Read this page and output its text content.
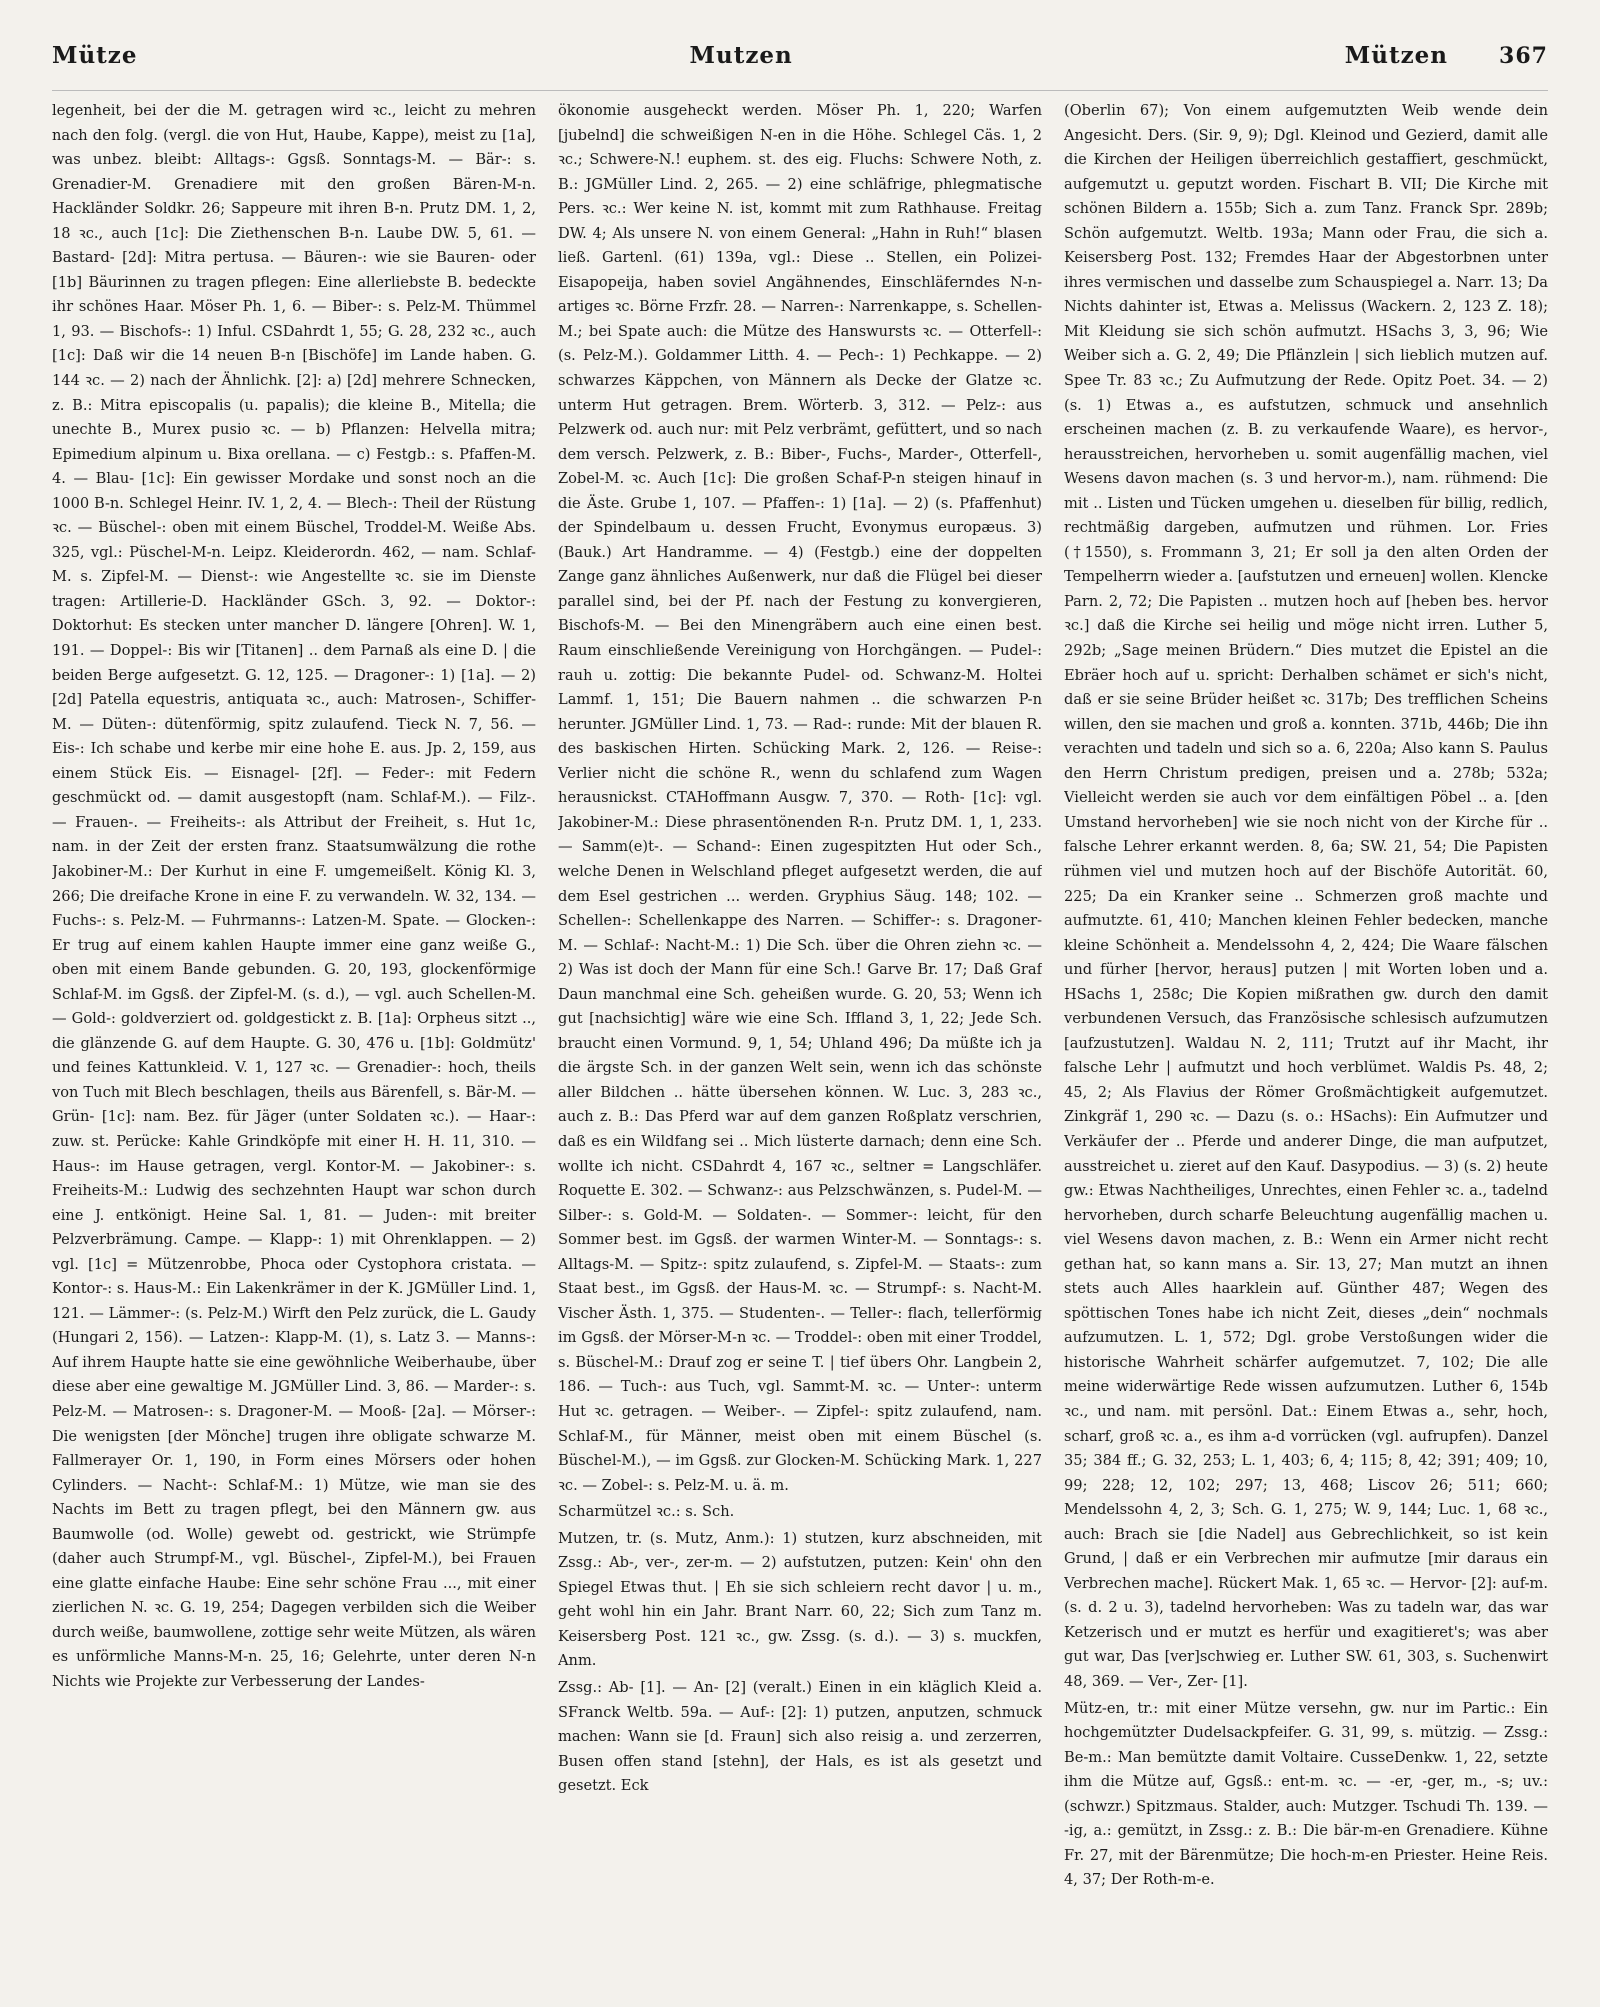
Mütze	Mutzen	Mützen 367

legenheit, bei der die M. getragen wird ꝛc., leicht zu mehren nach den folg. (vergl. die von Hut, Haube, Kappe), meist zu [1a], was unbez. bleibt: Alltags-: Ggsß. Sonntags-M. — Bär-: s. Grenadier-M. Grenadiere mit den großen Bären-M-n. Hackländer Soldkr. 26; Sappeure mit ihren B-n. Prutz DM. 1, 2, 18 ꝛc., auch [1c]: Die Ziethenschen B-n. Laube DW. 5, 61. — Bastard- [2d]: Mitra pertusa. — Bäuren-: wie sie Bauren- oder [1b] Bäurinnen zu tragen pflegen: Eine allerliebste B. bedeckte ihr schönes Haar. Möser Ph. 1, 6. — Biber-: s. Pelz-M. Thümmel 1, 93. — Bischofs-: 1) Inful. CSDahrdt 1, 55; G. 28, 232 ꝛc., auch [1c]: Daß wir die 14 neuen B-n [Bischöfe] im Lande haben. G. 144 ꝛc. — 2) nach der Ähnlichk. [2]: a) [2d] mehrere Schnecken, z. B.: Mitra episcopalis (u. papalis); die kleine B., Mitella; die unechte B., Murex pusio ꝛc. — b) Pflanzen: Helvella mitra; Epimedium alpinum u. Bixa orellana. — c) Festgb.: s. Pfaffen-M. 4. — Blau- [1c]: Ein gewisser Mordake und sonst noch an die 1000 B-n. Schlegel Heinr. IV. 1, 2, 4. — Blech-: Theil der Rüstung ꝛc. — Büschel-: oben mit einem Büschel, Troddel-M. Weiße Abs. 325, vgl.: Püschel-M-n. Leipz. Kleiderordn. 462, — nam. Schlaf-M. s. Zipfel-M. — Dienst-: wie Angestellte ꝛc. sie im Dienste tragen: Artillerie-D. Hackländer GSch. 3, 92. — Doktor-: Doktorhut: Es stecken unter mancher D. längere [Ohren]. W. 1, 191. — Doppel-: Bis wir [Titanen] .. dem Parnaß als eine D. | die beiden Berge aufgesetzt. G. 12, 125. — Dragoner-: 1) [1a]. — 2) [2d] Patella equestris, antiquata ꝛc., auch: Matrosen-, Schiffer-M. — Düten-: dütenförmig, spitz zulaufend. Tieck N. 7, 56. — Eis-: Ich schabe und kerbe mir eine hohe E. aus. Jp. 2, 159, aus einem Stück Eis. — Eisnagel- [2f]. — Feder-: mit Federn geschmückt od. — damit ausgestopft (nam. Schlaf-M.). — Filz-. — Frauen-. — Freiheits-: als Attribut der Freiheit, s. Hut 1c, nam. in der Zeit der ersten franz. Staatsumwälzung die rothe Jakobiner-M.: Der Kurhut in eine F. umgemeißelt. König Kl. 3, 266; Die dreifache Krone in eine F. zu verwandeln. W. 32, 134. — Fuchs-: s. Pelz-M. — Fuhrmanns-: Latzen-M. Spate. — Glocken-: Er trug auf einem kahlen Haupte immer eine ganz weiße G., oben mit einem Bande gebunden. G. 20, 193, glockenförmige Schlaf-M. im Ggsß. der Zipfel-M. (s. d.), — vgl. auch Schellen-M. — Gold-: goldverziert od. goldgestickt z. B. [1a]: Orpheus sitzt .., die glänzende G. auf dem Haupte. G. 30, 476 u. [1b]: Goldmütz' und feines Kattunkleid. V. 1, 127 ꝛc. — Grenadier-: hoch, theils von Tuch mit Blech beschlagen, theils aus Bärenfell, s. Bär-M. — Grün- [1c]: nam. Bez. für Jäger (unter Soldaten ꝛc.). — Haar-: zuw. st. Perücke: Kahle Grindköpfe mit einer H. H. 11, 310. — Haus-: im Hause getragen, vergl. Kontor-M. — Jakobiner-: s. Freiheits-M.: Ludwig des sechzehnten Haupt war schon durch eine J. entkönigt. Heine Sal. 1, 81. — Juden-: mit breiter Pelzverbrämung. Campe. — Klapp-: 1) mit Ohrenklappen. — 2) vgl. [1c] = Mützenrobbe, Phoca oder Cystophora cristata. — Kontor-: s. Haus-M.: Ein Lakenkrämer in der K. JGMüller Lind. 1, 121. — Lämmer-: (s. Pelz-M.) Wirft den Pelz zurück, die L. Gaudy (Hungari 2, 156). — Latzen-: Klapp-M. (1), s. Latz 3. — Manns-: Auf ihrem Haupte hatte sie eine gewöhnliche Weiberhaube, über diese aber eine gewaltige M. JGMüller Lind. 3, 86. — Marder-: s. Pelz-M. — Matrosen-: s. Dragoner-M. — Mooß- [2a]. — Mörser-: Die wenigsten [der Mönche] trugen ihre obligate schwarze M. Fallmerayer Or. 1, 190, in Form eines Mörsers oder hohen Cylinders. — Nacht-: Schlaf-M.: 1) Mütze, wie man sie des Nachts im Bett zu tragen pflegt, bei den Männern gw. aus Baumwolle (od. Wolle) gewebt od. gestrickt, wie Strümpfe (daher auch Strumpf-M., vgl. Büschel-, Zipfel-M.), bei Frauen eine glatte einfache Haube: Eine sehr schöne Frau ..., mit einer zierlichen N. ꝛc. G. 19, 254; Dagegen verbilden sich die Weiber durch weiße, baumwollene, zottige sehr weite Mützen, als wären es unförmliche Manns-M-n. 25, 16; Gelehrte, unter deren N-n Nichts wie Projekte zur Verbesserung der Landes-

ökonomie ausgeheckt werden. Möser Ph. 1, 220; Warfen [jubelnd] die schweißigen N-en in die Höhe. Schlegel Cäs. 1, 2 ꝛc.; Schwere-N.! euphem. st. des eig. Fluchs: Schwere Noth, z. B.: JGMüller Lind. 2, 265. — 2) eine schläfrige, phlegmatische Pers. ꝛc.: Wer keine N. ist, kommt mit zum Rathhause. Freitag DW. 4; Als unsere N. von einem General: „Hahn in Ruh!“ blasen ließ. Gartenl. (61) 139a, vgl.: Diese .. Stellen, ein Polizei-Eisapopeija, haben soviel Angähnendes, Einschläferndes N-n-artiges ꝛc. Börne Frzfr. 28. — Narren-: Narrenkappe, s. Schellen-M.; bei Spate auch: die Mütze des Hanswursts ꝛc. — Otterfell-: (s. Pelz-M.). Goldammer Litth. 4. — Pech-: 1) Pechkappe. — 2) schwarzes Käppchen, von Männern als Decke der Glatze ꝛc. unterm Hut getragen. Brem. Wörterb. 3, 312. — Pelz-: aus Pelzwerk od. auch nur: mit Pelz verbrämt, gefüttert, und so nach dem versch. Pelzwerk, z. B.: Biber-, Fuchs-, Marder-, Otterfell-, Zobel-M. ꝛc. Auch [1c]: Die großen Schaf-P-n steigen hinauf in die Äste. Grube 1, 107. — Pfaffen-: 1) [1a]. — 2) (s. Pfaffenhut) der Spindelbaum u. dessen Frucht, Evonymus europæus. 3) (Bauk.) Art Handramme. — 4) (Festgb.) eine der doppelten Zange ganz ähnliches Außenwerk, nur daß die Flügel bei dieser parallel sind, bei der Pf. nach der Festung zu konvergieren, Bischofs-M. — Bei den Minengräbern auch eine einen best. Raum einschließende Vereinigung von Horchgängen. — Pudel-: rauh u. zottig: Die bekannte Pudel- od. Schwanz-M. Holtei Lammf. 1, 151; Die Bauern nahmen .. die schwarzen P-n herunter. JGMüller Lind. 1, 73. — Rad-: runde: Mit der blauen R. des baskischen Hirten. Schücking Mark. 2, 126. — Reise-: Verlier nicht die schöne R., wenn du schlafend zum Wagen herausnickst. CTAHoffmann Ausgw. 7, 370. — Roth- [1c]: vgl. Jakobiner-M.: Diese phrasentönenden R-n. Prutz DM. 1, 1, 233. — Samm(e)t-. — Schand-: Einen zugespitzten Hut oder Sch., welche Denen in Welschland pfleget aufgesetzt werden, die auf dem Esel gestrichen ... werden. Gryphius Säug. 148; 102. — Schellen-: Schellenkappe des Narren. — Schiffer-: s. Dragoner-M. — Schlaf-: Nacht-M.: 1) Die Sch. über die Ohren ziehn ꝛc. — 2) Was ist doch der Mann für eine Sch.! Garve Br. 17; Daß Graf Daun manchmal eine Sch. geheißen wurde. G. 20, 53; Wenn ich gut [nachsichtig] wäre wie eine Sch. Iffland 3, 1, 22; Jede Sch. braucht einen Vormund. 9, 1, 54; Uhland 496; Da müßte ich ja die ärgste Sch. in der ganzen Welt sein, wenn ich das schönste aller Bildchen .. hätte übersehen können. W. Luc. 3, 283 ꝛc., auch z. B.: Das Pferd war auf dem ganzen Roßplatz verschrien, daß es ein Wildfang sei .. Mich lüsterte darnach; denn eine Sch. wollte ich nicht. CSDahrdt 4, 167 ꝛc., seltner = Langschläfer. Roquette E. 302. — Schwanz-: aus Pelzschwänzen, s. Pudel-M. — Silber-: s. Gold-M. — Soldaten-. — Sommer-: leicht, für den Sommer best. im Ggsß. der warmen Winter-M. — Sonntags-: s. Alltags-M. — Spitz-: spitz zulaufend, s. Zipfel-M. — Staats-: zum Staat best., im Ggsß. der Haus-M. ꝛc. — Strumpf-: s. Nacht-M. Vischer Ästh. 1, 375. — Studenten-. — Teller-: flach, tellerförmig im Ggsß. der Mörser-M-n ꝛc. — Troddel-: oben mit einer Troddel, s. Büschel-M.: Drauf zog er seine T. | tief übers Ohr. Langbein 2, 186. — Tuch-: aus Tuch, vgl. Sammt-M. ꝛc. — Unter-: unterm Hut ꝛc. getragen. — Weiber-. — Zipfel-: spitz zulaufend, nam. Schlaf-M., für Männer, meist oben mit einem Büschel (s. Büschel-M.), — im Ggsß. zur Glocken-M. Schücking Mark. 1, 227 ꝛc. — Zobel-: s. Pelz-M. u. ä. m.

Scharmützel ꝛc.: s. Sch.

Mutzen, tr. (s. Mutz, Anm.): 1) stutzen, kurz abschneiden, mit Zssg.: Ab-, ver-, zer-m. — 2) aufstutzen, putzen: Kein' ohn den Spiegel Etwas thut. | Eh sie sich schleiern recht davor | u. m., geht wohl hin ein Jahr. Brant Narr. 60, 22; Sich zum Tanz m. Keisersberg Post. 121 ꝛc., gw. Zssg. (s. d.). — 3) s. muckfen, Anm.

Zssg.: Ab- [1]. — An- [2] (veralt.) Einen in ein kläglich Kleid a. SFranck Weltb. 59a. — Auf-: [2]: 1) putzen, anputzen, schmuck machen: Wann sie [d. Fraun] sich also reisig a. und zerzerren, Busen offen stand [stehn], der Hals, es ist als gesetzt und gesetzt. Eck

(Oberlin 67); Von einem aufgemutzten Weib wende dein Angesicht. Ders. (Sir. 9, 9); Dgl. Kleinod und Gezierd, damit alle die Kirchen der Heiligen überreichlich gestaffiert, geschmückt, aufgemutzt u. geputzt worden. Fischart B. VII; Die Kirche mit schönen Bildern a. 155b; Sich a. zum Tanz. Franck Spr. 289b; Schön aufgemutzt. Weltb. 193a; Mann oder Frau, die sich a. Keisersberg Post. 132; Fremdes Haar der Abgestorbnen unter ihres vermischen und dasselbe zum Schauspiegel a. Narr. 13; Da Nichts dahinter ist, Etwas a. Melissus (Wackern. 2, 123 Z. 18); Mit Kleidung sie sich schön aufmutzt. HSachs 3, 3, 96; Wie Weiber sich a. G. 2, 49; Die Pflänzlein | sich lieblich mutzen auf. Spee Tr. 83 ꝛc.; Zu Aufmutzung der Rede. Opitz Poet. 34. — 2) (s. 1) Etwas a., es aufstutzen, schmuck und ansehnlich erscheinen machen (z. B. zu verkaufende Waare), es hervor-, herausstreichen, hervorheben u. somit augenfällig machen, viel Wesens davon machen (s. 3 und hervor-m.), nam. rühmend: Die mit .. Listen und Tücken umgehen u. dieselben für billig, redlich, rechtmäßig dargeben, aufmutzen und rühmen. Lor. Fries (†1550), s. Frommann 3, 21; Er soll ja den alten Orden der Tempelherrn wieder a. [aufstutzen und erneuen] wollen. Klencke Parn. 2, 72; Die Papisten .. mutzen hoch auf [heben bes. hervor ꝛc.] daß die Kirche sei heilig und möge nicht irren. Luther 5, 292b; „Sage meinen Brüdern.“ Dies mutzet die Epistel an die Ebräer hoch auf u. spricht: Derhalben schämet er sich's nicht, daß er sie seine Brüder heißet ꝛc. 317b; Des trefflichen Scheins willen, den sie machen und groß a. konnten. 371b, 446b; Die ihn verachten und tadeln und sich so a. 6, 220a; Also kann S. Paulus den Herrn Christum predigen, preisen und a. 278b; 532a; Vielleicht werden sie auch vor dem einfältigen Pöbel .. a. [den Umstand hervorheben] wie sie noch nicht von der Kirche für .. falsche Lehrer erkannt werden. 8, 6a; SW. 21, 54; Die Papisten rühmen viel und mutzen hoch auf der Bischöfe Autorität. 60, 225; Da ein Kranker seine .. Schmerzen groß machte und aufmutzte. 61, 410; Manchen kleinen Fehler bedecken, manche kleine Schönheit a. Mendelssohn 4, 2, 424; Die Waare fälschen und fürher [hervor, heraus] putzen | mit Worten loben und a. HSachs 1, 258c; Die Kopien mißrathen gw. durch den damit verbundenen Versuch, das Französische schlesisch aufzumutzen [aufzustutzen]. Waldau N. 2, 111; Trutzt auf ihr Macht, ihr falsche Lehr | aufmutzt und hoch verblümet. Waldis Ps. 48, 2; 45, 2; Als Flavius der Römer Großmächtigkeit aufgemutzet. Zinkgräf 1, 290 ꝛc. — Dazu (s. o.: HSachs): Ein Aufmutzer und Verkäufer der .. Pferde und anderer Dinge, die man aufputzet, ausstreichet u. zieret auf den Kauf. Dasypodius. — 3) (s. 2) heute gw.: Etwas Nachtheiliges, Unrechtes, einen Fehler ꝛc. a., tadelnd hervorheben, durch scharfe Beleuchtung augenfällig machen u. viel Wesens davon machen, z. B.: Wenn ein Armer nicht recht gethan hat, so kann mans a. Sir. 13, 27; Man mutzt an ihnen stets auch Alles haarklein auf. Günther 487; Wegen des spöttischen Tones habe ich nicht Zeit, dieses „dein“ nochmals aufzumutzen. L. 1, 572; Dgl. grobe Verstoßungen wider die historische Wahrheit schärfer aufgemutzet. 7, 102; Die alle meine widerwärtige Rede wissen aufzumutzen. Luther 6, 154b ꝛc., und nam. mit persönl. Dat.: Einem Etwas a., sehr, hoch, scharf, groß ꝛc. a., es ihm a-d vorrücken (vgl. aufrupfen). Danzel 35; 384 ff.; G. 32, 253; L. 1, 403; 6, 4; 115; 8, 42; 391; 409; 10, 99; 228; 12, 102; 297; 13, 468; Liscov 26; 511; 660; Mendelssohn 4, 2, 3; Sch. G. 1, 275; W. 9, 144; Luc. 1, 68 ꝛc., auch: Brach sie [die Nadel] aus Gebrechlichkeit, so ist kein Grund, | daß er ein Verbrechen mir aufmutze [mir daraus ein Verbrechen mache]. Rückert Mak. 1, 65 ꝛc. — Hervor- [2]: auf-m. (s. d. 2 u. 3), tadelnd hervorheben: Was zu tadeln war, das war Ketzerisch und er mutzt es herfür und exagitieret's; was aber gut war, Das [ver]schwieg er. Luther SW. 61, 303, s. Suchenwirt 48, 369. — Ver-, Zer- [1].

Mütz-en, tr.: mit einer Mütze versehn, gw. nur im Partic.: Ein hochgemützter Dudelsackpfeifer. G. 31, 99, s. mützig. — Zssg.: Be-m.: Man bemützte damit Voltaire. CusseDenkw. 1, 22, setzte ihm die Mütze auf, Ggsß.: ent-m. ꝛc. — -er, -ger, m., -s; uv.: (schwzr.) Spitzmaus. Stalder, auch: Mutzger. Tschudi Th. 139. — -ig, a.: gemützt, in Zssg.: z. B.: Die bär-m-en Grenadiere. Kühne Fr. 27, mit der Bärenmütze; Die hoch-m-en Priester. Heine Reis. 4, 37; Der Roth-m-e.
